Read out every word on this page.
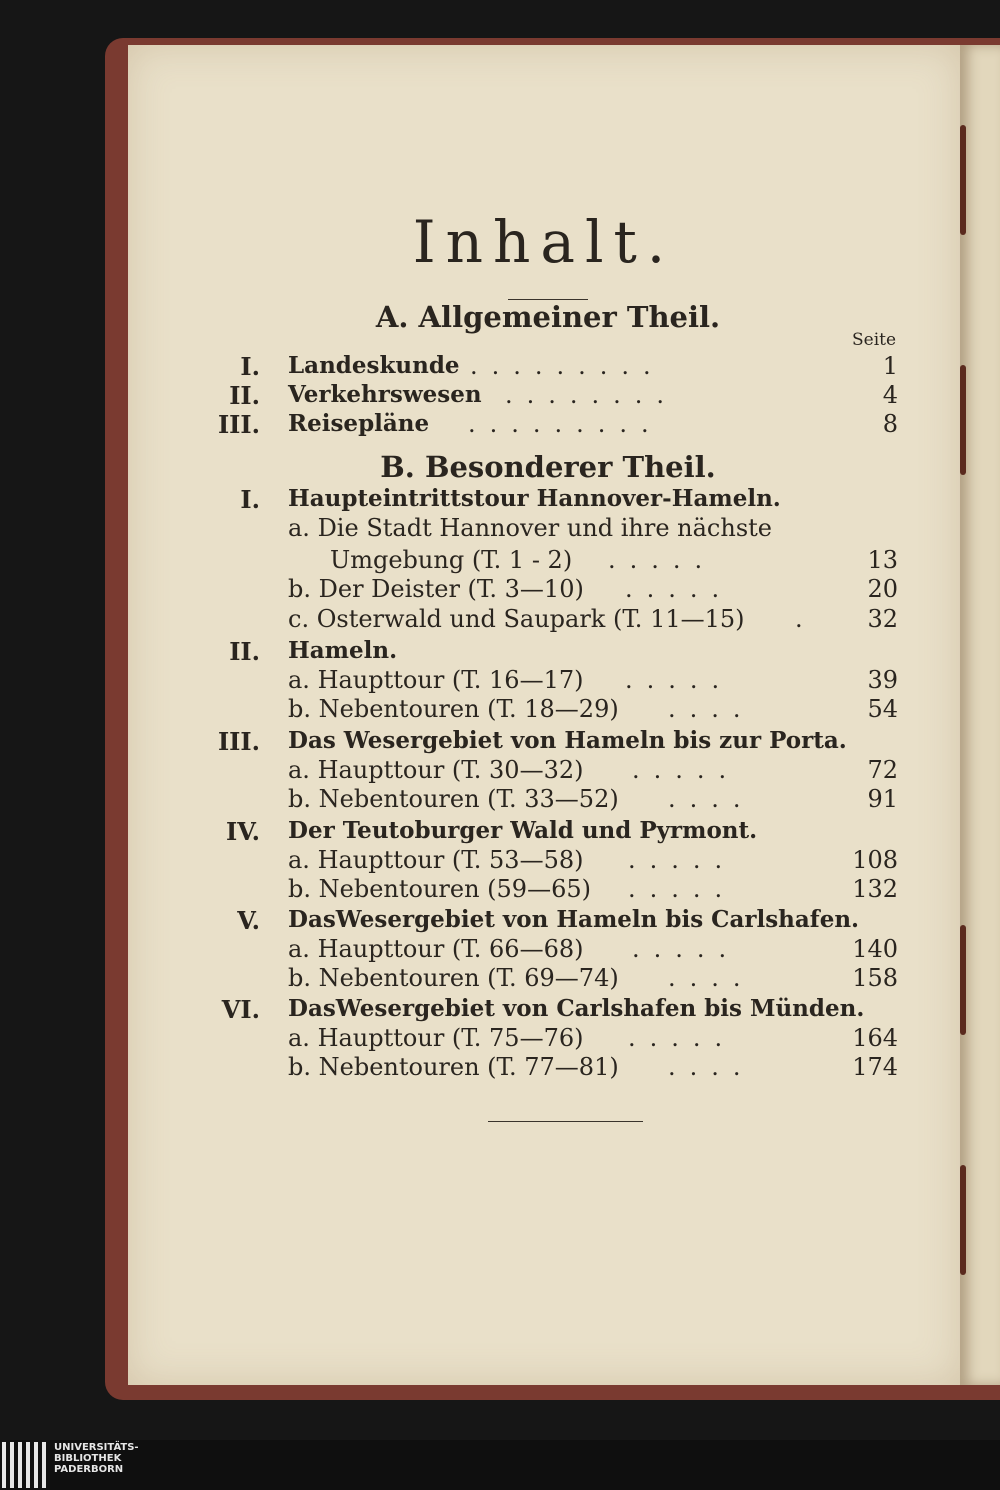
Inhalt.
A. Allgemeiner Theil.
Seite
B. Besonderer Theil.
I. Landeskunde .........	1
II. Verkehrswesen ........	4
III. Reisepläne .........	8
I. Haupteintrittstour Hannover-Hameln.
a. Die Stadt Hannover und ihre nächste
Umgebung (T. 1 - 2) .....	13
b. Der Deister (T. 3—10) .....	20
c. Osterwald und Saupark (T. 11—15) . 32
II. Hameln.
a. Haupttour (T. 16—17) .....	39
b. Nebentouren (T. 18—29) ....	54
III. Das Wesergebiet von Hameln bis zur Porta.
a. Haupttour (T. 30—32) .....	72
b. Nebentouren (T. 33—52) ....	91
IV. Der Teutoburger Wald und Pyrmont.
a. Haupttour (T. 53—58) .....	108
b. Nebentouren (59—65) .....	132
V. DasWesergebiet von Hameln bis Carlshafen.
a. Haupttour (T. 66—68) .....	140
b. Nebentouren (T. 69—74) ....	158
VI. DasWesergebiet von Carlshafen bis Münden.
a. Haupttour (T. 75—76) .....	164
b. Nebentouren (T. 77—81) ....	174
UNIVERSITÄTS-
BIBLIOTHEK
PADERBORN
